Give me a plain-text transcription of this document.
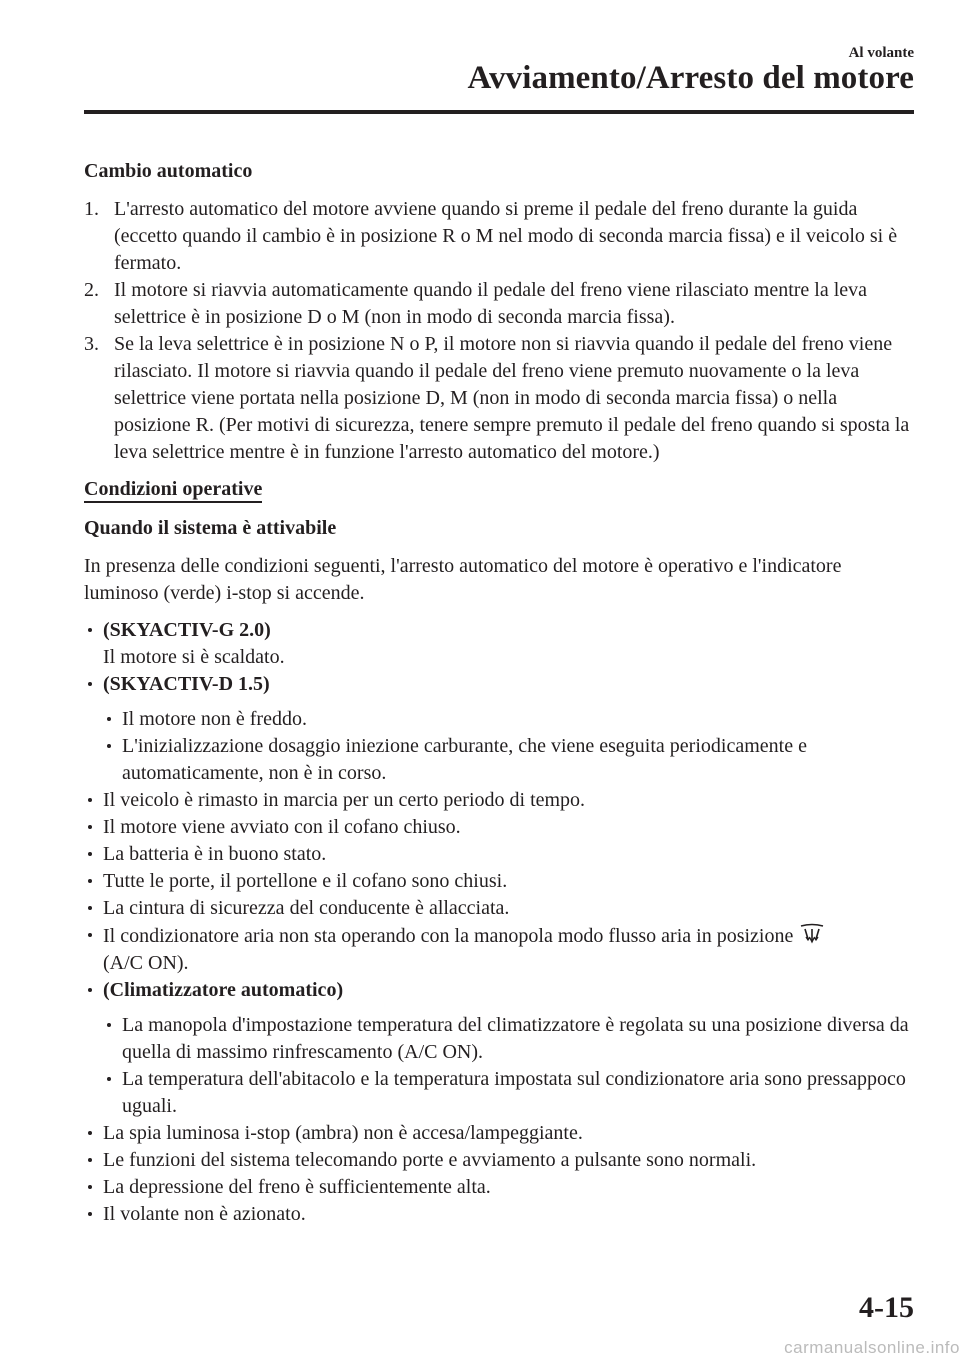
Al volante
Avviamento/Arresto del motore
Cambio automatico
1. L'arresto automatico del motore avviene quando si preme il pedale del freno durante la guida (eccetto quando il cambio è in posizione R o M nel modo di seconda marcia fissa) e il veicolo si è fermato.
2. Il motore si riavvia automaticamente quando il pedale del freno viene rilasciato mentre la leva selettrice è in posizione D o M (non in modo di seconda marcia fissa).
3. Se la leva selettrice è in posizione N o P, il motore non si riavvia quando il pedale del freno viene rilasciato. Il motore si riavvia quando il pedale del freno viene premuto nuovamente o la leva selettrice viene portata nella posizione D, M (non in modo di seconda marcia fissa) o nella posizione R. (Per motivi di sicurezza, tenere sempre premuto il pedale del freno quando si sposta la leva selettrice mentre è in funzione l'arresto automatico del motore.)
Condizioni operative
Quando il sistema è attivabile
In presenza delle condizioni seguenti, l'arresto automatico del motore è operativo e l'indicatore luminoso (verde) i-stop si accende.
(SKYACTIV-G 2.0)
Il motore si è scaldato.
(SKYACTIV-D 1.5)
Il motore non è freddo.
L'inizializzazione dosaggio iniezione carburante, che viene eseguita periodicamente e automaticamente, non è in corso.
Il veicolo è rimasto in marcia per un certo periodo di tempo.
Il motore viene avviato con il cofano chiuso.
La batteria è in buono stato.
Tutte le porte, il portellone e il cofano sono chiusi.
La cintura di sicurezza del conducente è allacciata.
Il condizionatore aria non sta operando con la manopola modo flusso aria in posizione
(A/C ON).
(Climatizzatore automatico)
La manopola d'impostazione temperatura del climatizzatore è regolata su una posizione diversa da quella di massimo rinfrescamento (A/C ON).
La temperatura dell'abitacolo e la temperatura impostata sul condizionatore aria sono pressappoco uguali.
La spia luminosa i-stop (ambra) non è accesa/lampeggiante.
Le funzioni del sistema telecomando porte e avviamento a pulsante sono normali.
La depressione del freno è sufficientemente alta.
Il volante non è azionato.
4-15
carmanualsonline.info
